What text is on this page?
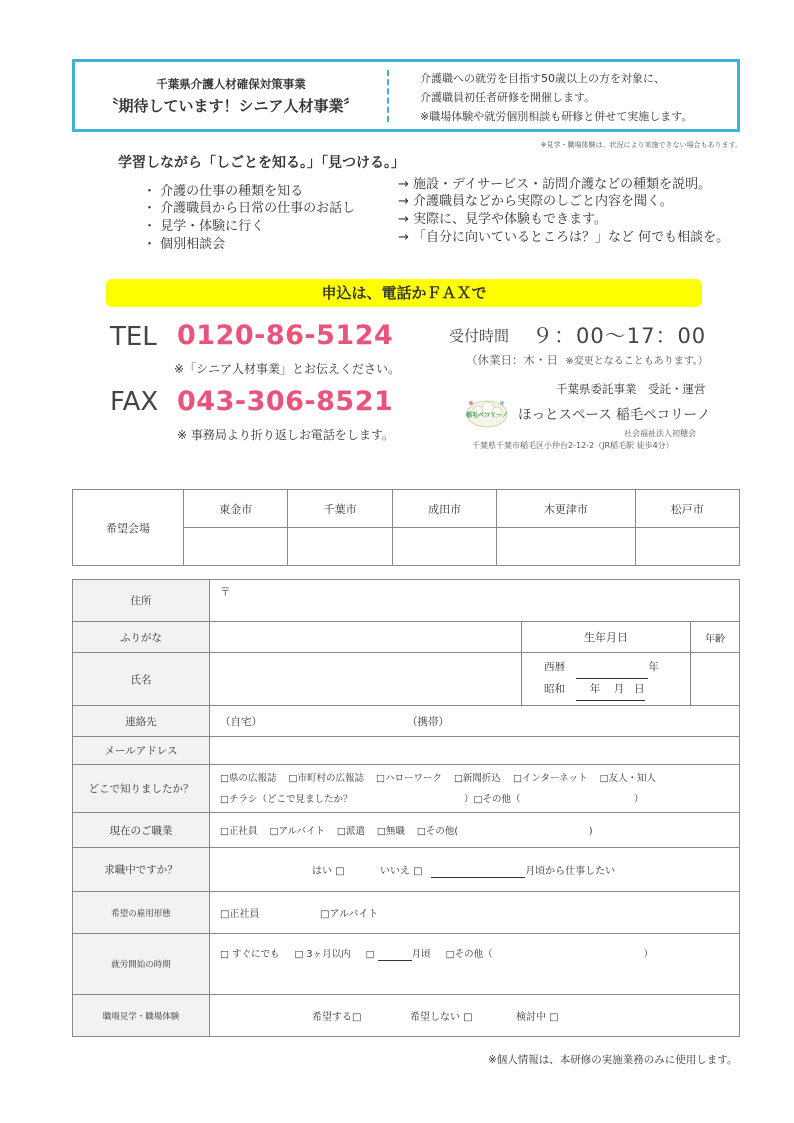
千葉県介護人材確保対策事業
〝期待しています！シニア人材事業〞
介護職への就労を目指す50歳以上の方を対象に、
介護職員初任者研修を開催します。
※職場体験や就労個別相談も研修と併せて実施します。
※見学・職場体験は、状況により実施できない場合もあります。
学習しながら「しごとを知る。」「見つける。」
・ 介護の仕事の種類を知る
・ 介護職員から日常の仕事のお話し
・ 見学・体験に行く
・ 個別相談会
→ 施設・デイサービス・訪問介護などの種類を説明。
→ 介護職員などから実際のしごと内容を聞く。
→ 実際に、見学や体験もできます。
→ 「自分に向いているところは？」など 何でも相談を。
申込は、電話かＦＡＸで
TEL 0120-86-5124
※「シニア人材事業」とお伝えください。
FAX 043-306-8521
※ 事務局より折り返しお電話をします。
受付時間 ９：00～17：00
（休業日：木・日 ※変更となることもあります。）
千葉県委託事業　受託・運営
稲毛ペコリーノ ほっとスペース 稲毛ペコリーノ
社会福祉法人初穂会
千葉県千葉市稲毛区小仲台2-12-2（JR稲毛駅 徒歩4分）
希望会場	東金市	千葉市	成田市	木更津市	松戸市

住所	〒		
ふりがな		生年月日	年齢
氏名		西暦 年
昭和 年 月 日	
連絡先	（自宅） （携帯）		
メールアドレス			
どこで知りましたか？	□県の広報誌 □市町村の広報誌 □ハローワーク □新聞折込 □インターネット □友人・知人
□チラシ（どこで見ましたか？ ）□その他（ ）		
現在のご職業	□正社員 □アルバイト □派遣 □無職 □その他( )		
求職中ですか？	はい □ いいえ □ 月頃から仕事したい		
希望の雇用形態	□正社員 □アルバイト		
就労開始の時期	□ すぐにでも □ 3ヶ月以内 □ 月頃 □その他（ ）		
職場見学・職場体験	希望する□ 希望しない □ 検討中 □		
※個人情報は、本研修の実施業務のみに使用します。
